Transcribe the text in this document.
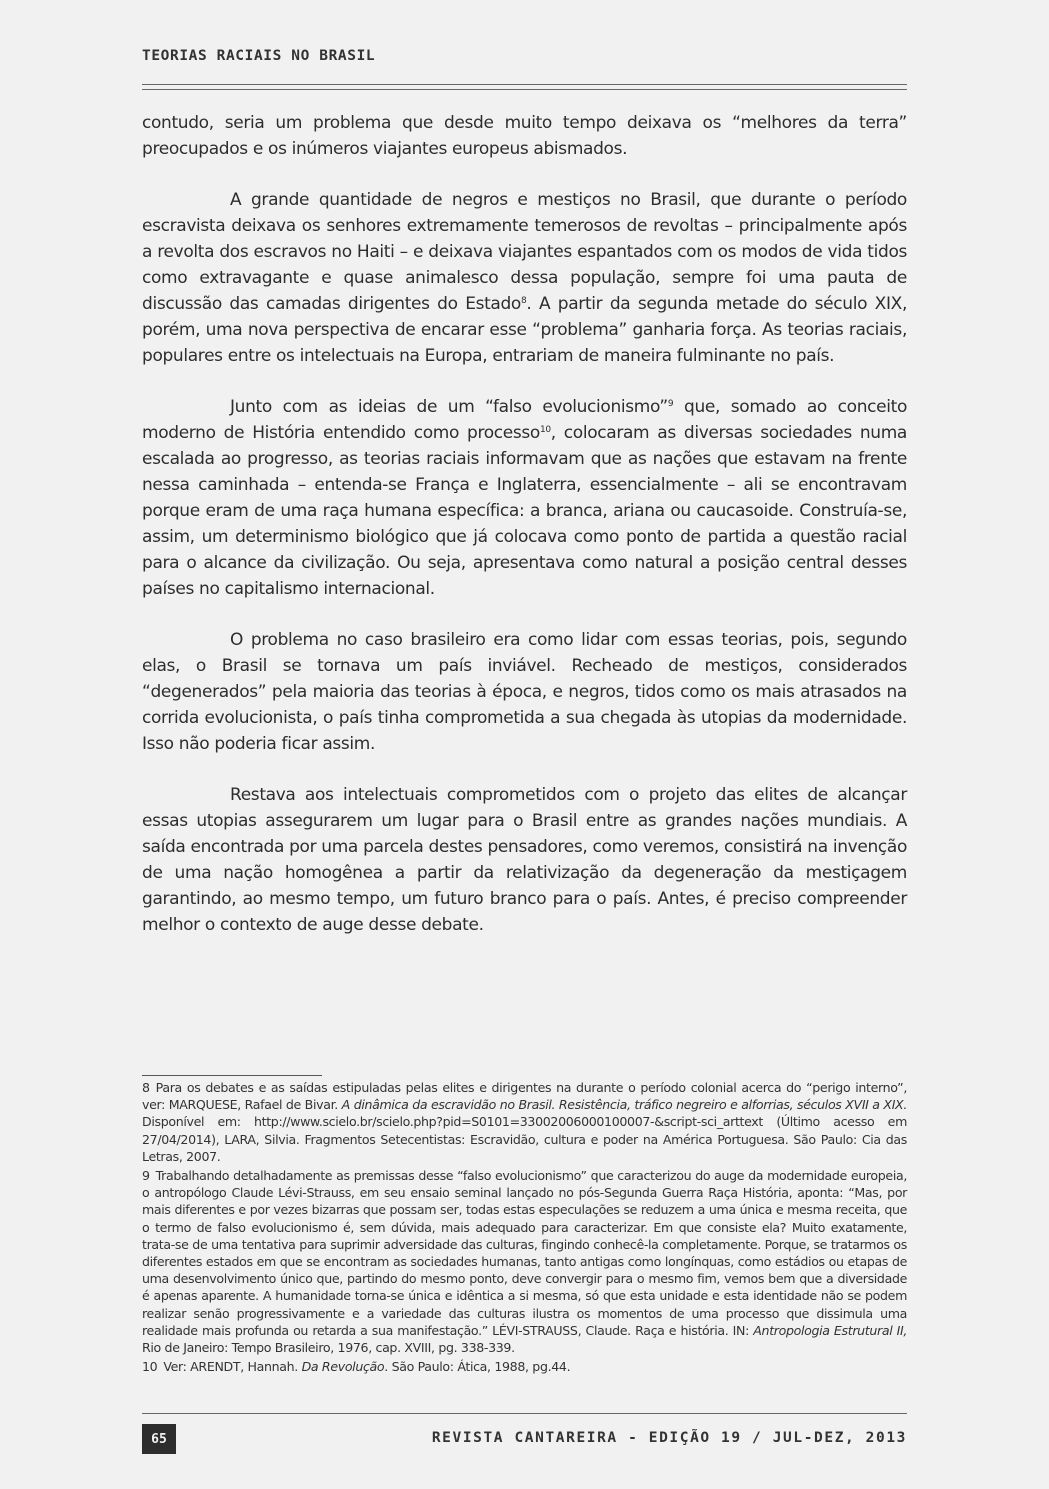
TEORIAS RACIAIS NO BRASIL

contudo, seria um problema que desde muito tempo deixava os “melhores da terra” preocupados e os inúmeros viajantes europeus abismados.

A grande quantidade de negros e mestiços no Brasil, que durante o período escravista deixava os senhores extremamente temerosos de revoltas – principalmente após a revolta dos escravos no Haiti – e deixava viajantes espantados com os modos de vida tidos como extravagante e quase animalesco dessa população, sempre foi uma pauta de discussão das camadas dirigentes do Estado$^8$. A partir da segunda metade do século XIX, porém, uma nova perspectiva de encarar esse “problema” ganharia força. As teorias raciais, populares entre os intelectuais na Europa, entrariam de maneira fulminante no país.

Junto com as ideias de um “falso evolucionismo”$^9$ que, somado ao conceito moderno de História entendido como processo$^{10}$, colocaram as diversas sociedades numa escalada ao progresso, as teorias raciais informavam que as nações que estavam na frente nessa caminhada – entenda-se França e Inglaterra, essencialmente – ali se encontravam porque eram de uma raça humana específica: a branca, ariana ou caucasoide. Construía-se, assim, um determinismo biológico que já colocava como ponto de partida a questão racial para o alcance da civilização. Ou seja, apresentava como natural a posição central desses países no capitalismo internacional.

O problema no caso brasileiro era como lidar com essas teorias, pois, segundo elas, o Brasil se tornava um país inviável. Recheado de mestiços, considerados “degenerados” pela maioria das teorias à época, e negros, tidos como os mais atrasados na corrida evolucionista, o país tinha comprometida a sua chegada às utopias da modernidade. Isso não poderia ficar assim.

Restava aos intelectuais comprometidos com o projeto das elites de alcançar essas utopias assegurarem um lugar para o Brasil entre as grandes nações mundiais. A saída encontrada por uma parcela destes pensadores, como veremos, consistirá na invenção de uma nação homogênea a partir da relativização da degeneração da mestiçagem garantindo, ao mesmo tempo, um futuro branco para o país. Antes, é preciso compreender melhor o contexto de auge desse debate.

8 Para os debates e as saídas estipuladas pelas elites e dirigentes na durante o período colonial acerca do “perigo interno”, ver: MARQUESE, Rafael de Bivar. A dinâmica da escravidão no Brasil. Resistência, tráfico negreiro e alforrias, séculos XVII a XIX. Disponível em: http://www.scielo.br/scielo.php?pid=S0101=33002006000100007-&script-sci_arttext (Último acesso em 27/04/2014), LARA, Silvia. Fragmentos Setecentistas: Escravidão, cultura e poder na América Portuguesa. São Paulo: Cia das Letras, 2007.

9 Trabalhando detalhadamente as premissas desse “falso evolucionismo” que caracterizou do auge da modernidade europeia, o antropólogo Claude Lévi-Strauss, em seu ensaio seminal lançado no pós-Segunda Guerra Raça História, aponta: “Mas, por mais diferentes e por vezes bizarras que possam ser, todas estas especulações se reduzem a uma única e mesma receita, que o termo de falso evolucionismo é, sem dúvida, mais adequado para caracterizar. Em que consiste ela? Muito exatamente, trata-se de uma tentativa para suprimir adversidade das culturas, fingindo conhecê-la completamente. Porque, se tratarmos os diferentes estados em que se encontram as sociedades humanas, tanto antigas como longínquas, como estádios ou etapas de uma desenvolvimento único que, partindo do mesmo ponto, deve convergir para o mesmo fim, vemos bem que a diversidade é apenas aparente. A humanidade torna-se única e idêntica a si mesma, só que esta unidade e esta identidade não se podem realizar senão progressivamente e a variedade das culturas ilustra os momentos de uma processo que dissimula uma realidade mais profunda ou retarda a sua manifestação.” LÉVI-STRAUSS, Claude. Raça e história. IN: Antropologia Estrutural II, Rio de Janeiro: Tempo Brasileiro, 1976, cap. XVIII, pg. 338-339.

10 Ver: ARENDT, Hannah. Da Revolução. São Paulo: Ática, 1988, pg.44.

65	REVISTA CANTAREIRA - EDIÇÃO 19 / JUL-DEZ, 2013
